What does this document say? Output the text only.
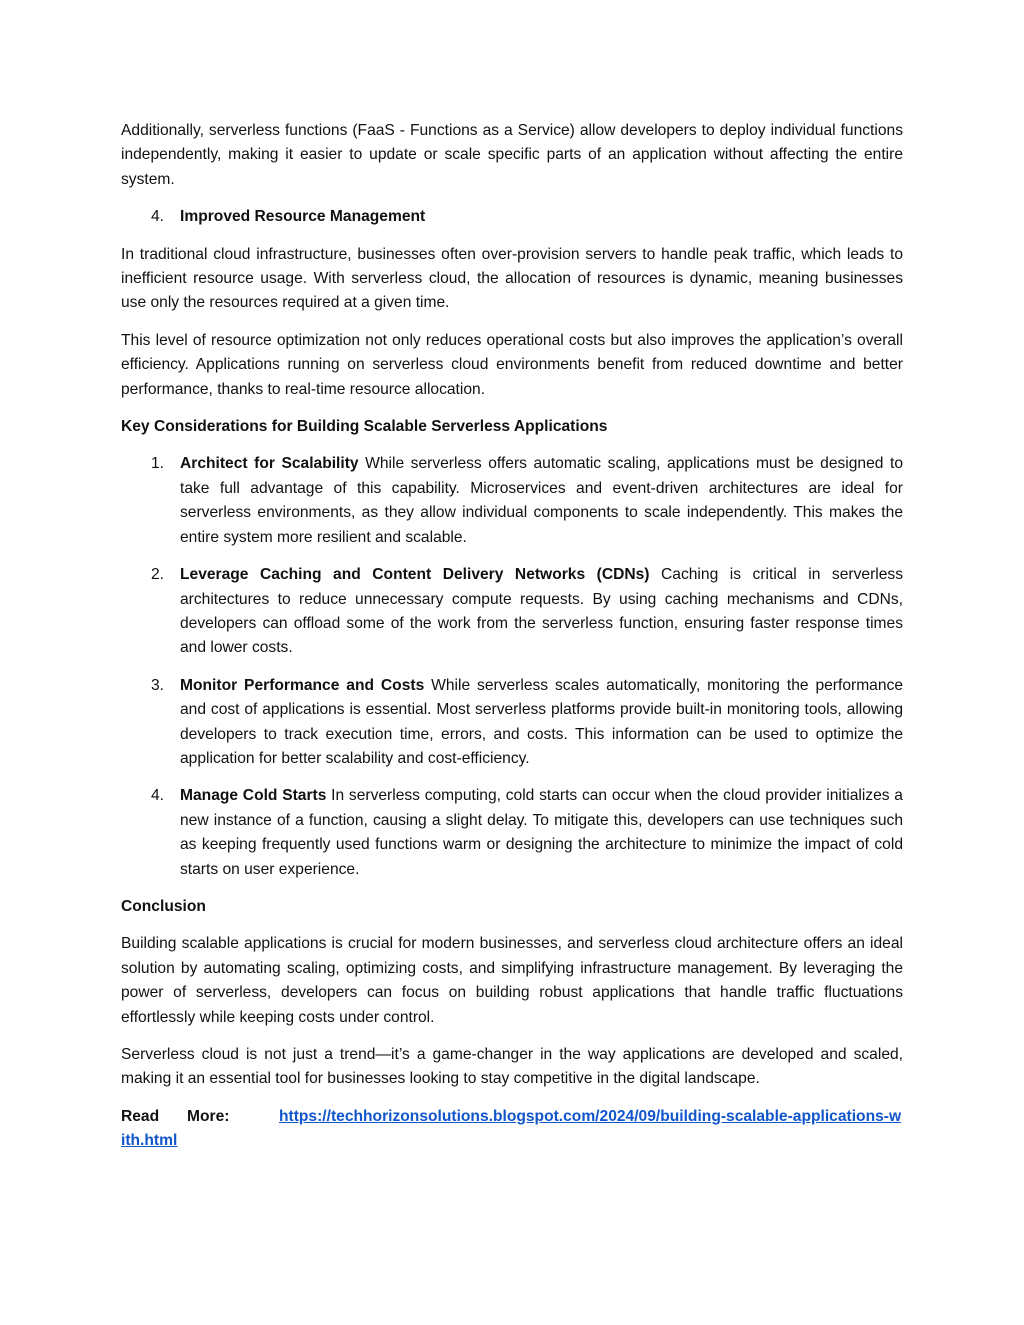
Additionally, serverless functions (FaaS - Functions as a Service) allow developers to deploy individual functions independently, making it easier to update or scale specific parts of an application without affecting the entire system.

4.	Improved Resource Management

In traditional cloud infrastructure, businesses often over-provision servers to handle peak traffic, which leads to inefficient resource usage. With serverless cloud, the allocation of resources is dynamic, meaning businesses use only the resources required at a given time.

This level of resource optimization not only reduces operational costs but also improves the application’s overall efficiency. Applications running on serverless cloud environments benefit from reduced downtime and better performance, thanks to real-time resource allocation.

Key Considerations for Building Scalable Serverless Applications
1.	Architect for Scalability While serverless offers automatic scaling, applications must be designed to take full advantage of this capability. Microservices and event-driven architectures are ideal for serverless environments, as they allow individual components to scale independently. This makes the entire system more resilient and scalable.
2.	Leverage Caching and Content Delivery Networks (CDNs) Caching is critical in serverless architectures to reduce unnecessary compute requests. By using caching mechanisms and CDNs, developers can offload some of the work from the serverless function, ensuring faster response times and lower costs.
3.	Monitor Performance and Costs While serverless scales automatically, monitoring the performance and cost of applications is essential. Most serverless platforms provide built-in monitoring tools, allowing developers to track execution time, errors, and costs. This information can be used to optimize the application for better scalability and cost-efficiency.
4.	Manage Cold Starts In serverless computing, cold starts can occur when the cloud provider initializes a new instance of a function, causing a slight delay. To mitigate this, developers can use techniques such as keeping frequently used functions warm or designing the architecture to minimize the impact of cold starts on user experience.
Conclusion

Building scalable applications is crucial for modern businesses, and serverless cloud architecture offers an ideal solution by automating scaling, optimizing costs, and simplifying infrastructure management. By leveraging the power of serverless, developers can focus on building robust applications that handle traffic fluctuations effortlessly while keeping costs under control.

Serverless cloud is not just a trend—it’s a game-changer in the way applications are developed and scaled, making it an essential tool for businesses looking to stay competitive in the digital landscape.

Read More:	https://techhorizonsolutions.blogspot.com/2024/09/building-scalable-applications-with.html
